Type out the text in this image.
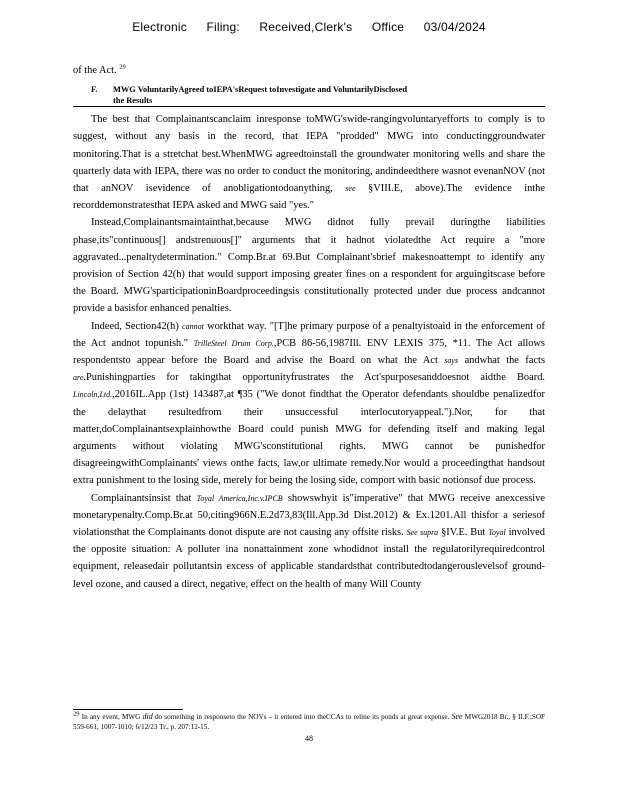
Electronic Filing: Received,Clerk's Office 03/04/2024

of the Act. $^{29}$

F. MWG VoluntarilyAgreed toIEPA'sRequest toInvestigate and VoluntarilyDisclosed
the Results

The best that Complainantscanclaim inresponse toMWG'swide-rangingvoluntaryefforts to comply is to suggest, without any basis in the record, that IEPA "prodded" MWG into conductinggroundwater monitoring.That is a stretchat best.WhenMWG agreedtoinstall the groundwater monitoring wells and share the quarterly data with IEPA, there was no order to conduct the monitoring, andindeedthere wasnot evenanNOV (not that anNOV isevidence of anobligationtodoanything, see §VIII.E, above).The evidence inthe recorddemonstratesthat IEPA asked and MWG said "yes."

Instead,Complainantsmaintainthat,because MWG didnot fully prevail duringthe liabilities phase,its"continuous[] andstrenuous[]" arguments that it hadnot violatedthe Act require a "more aggravated...penaltydetermination." Comp.Br.at 69.But Complainant'sbrief makesnoattempt to identify any provision of Section 42(h) that would support imposing greater fines on a respondent for arguingitscase before the Board. MWG'sparticipationinBoardproceedingsis constitutionally protected under due process andcannot provide a basisfor enhanced penalties.

Indeed, Section42(h) cannot workthat way. "[T]he primary purpose of a penaltyistoaid in the enforcement of the Act andnot topunish." TrilleSteel Drum Corp.,PCB 86-56,1987Ill. ENV LEXIS 375, *11. The Act allows respondentsto appear before the Board and advise the Board on what the Act says andwhat the facts are.Punishingparties for takingthat opportunityfrustrates the Act'spurposesanddoesnot aidthe Board. Lincoln,Ltd.,2016IL.App (1st) 143487,at ¶35 ("We donot findthat the Operator defendants shouldbe penalizedfor the delaythat resultedfrom their unsuccessful interlocutoryappeal.").Nor, for that matter,doComplainantsexplainhowthe Board could punish MWG for defending itself and making legal arguments without violating MWG'sconstitutional rights. MWG cannot be punishedfor disagreeingwithComplainants' views onthe facts, law,or ultimate remedy.Nor would a proceedingthat handsout extra punishment to the losing side, merely for being the losing side, comport with basic notionsof due process.

Complainantsinsist that Toyal America,Inc.v.IPCB showswhyit is"imperative" that MWG receive anexcessive monetarypenalty.Comp.Br.at 50,citing966N.E.2d73,83(Ill.App.3d Dist.2012) & Ex.1201.All thisfor a seriesof violationsthat the Complainants donot dispute are not causing any offsite risks. See supra §IV.E. But Toyal involved the opposite situation: A polluter ina nonattainment zone whodidnot install the regulatorilyrequiredcontrol equipment, releasedair pollutantsin excess of applicable standardsthat contributedtodangerouslevelsof ground-level ozone, and caused a direct, negative, effect on the health of many Will County

$^{29}$ In any event, MWG did do something in responseto the NOVs – it entered into theCCAs to reline its ponds at great expense. See MWG2018 Br., § II.F.;SOF 559-661, 1007-1010; 6/12/23 Tr., p. 207:12-15.
48
